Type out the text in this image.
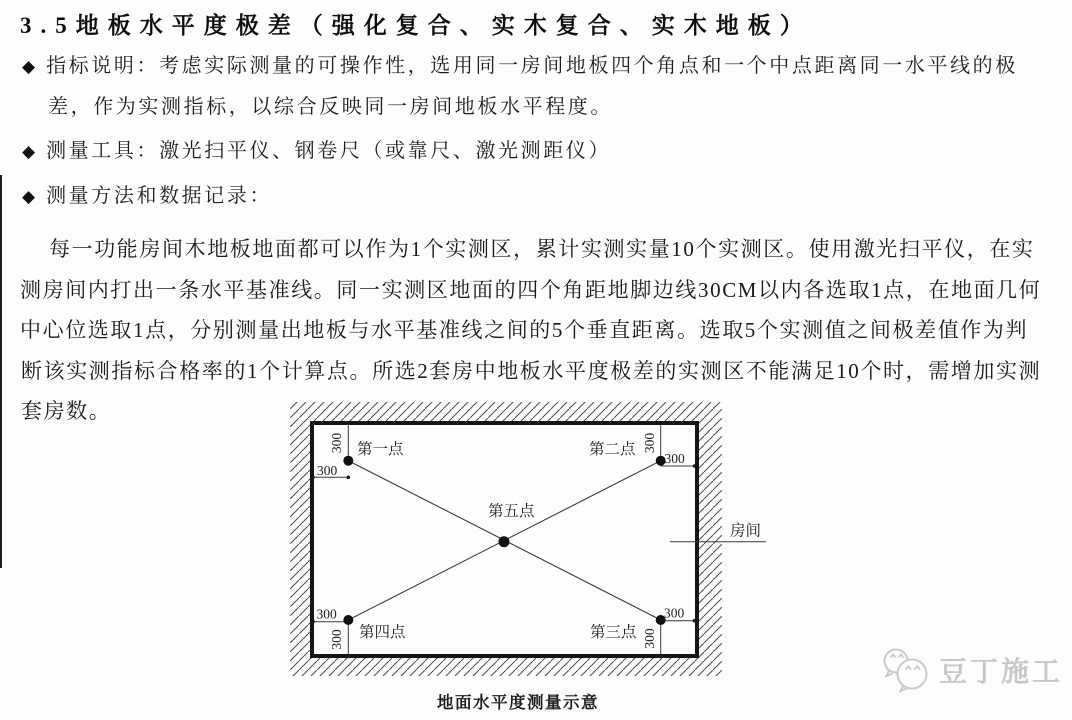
3.5地板水平度极差（强化复合、实木复合、实木地板）
◆ 指标说明：考虑实际测量的可操作性，选用同一房间地板四个角点和一个中点距离同一水平线的极
差，作为实测指标，以综合反映同一房间地板水平程度。
◆ 测量工具：激光扫平仪、钢卷尺（或靠尺、激光测距仪）
◆ 测量方法和数据记录：
每一功能房间木地板地面都可以作为1个实测区，累计实测实量10个实测区。使用激光扫平仪，在实
测房间内打出一条水平基准线。同一实测区地面的四个角距地脚边线30CM以内各选取1点，在地面几何
中心位选取1点，分别测量出地板与水平基准线之间的5个垂直距离。选取5个实测值之间极差值作为判
断该实测指标合格率的1个计算点。所选2套房中地板水平度极差的实测区不能满足10个时，需增加实测
套房数。
第一点	第二点
第三点
第四点
第五点
300
300
300
300
300
300
300
300
房间
地面水平度测量示意
豆丁施工
